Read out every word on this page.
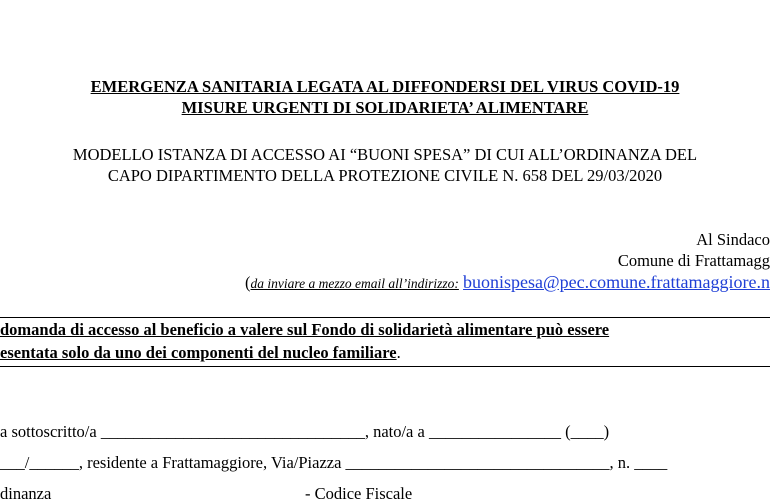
EMERGENZA SANITARIA LEGATA AL DIFFONDERSI DEL VIRUS COVID-19
MISURE URGENTI DI SOLIDARIETA’ ALIMENTARE
MODELLO ISTANZA DI ACCESSO AI “BUONI SPESA” DI CUI ALL’ORDINANZA DEL
CAPO DIPARTIMENTO DELLA PROTEZIONE CIVILE N. 658 DEL 29/03/2020
Al Sindaco
Comune di Frattamagg
(da inviare a mezzo email all’indirizzo: buonispesa@pec.comune.frattamaggiore.n
domanda di accesso al beneficio a valere sul Fondo di solidarietà alimentare può essere
esentata solo da uno dei componenti del nucleo familiare.
a sottoscritto/a ________________________________, nato/a a ________________ (____)
___/______, residente a Frattamaggiore, Via/Piazza ________________________________, n. ____
dinanza	- Codice Fiscale
